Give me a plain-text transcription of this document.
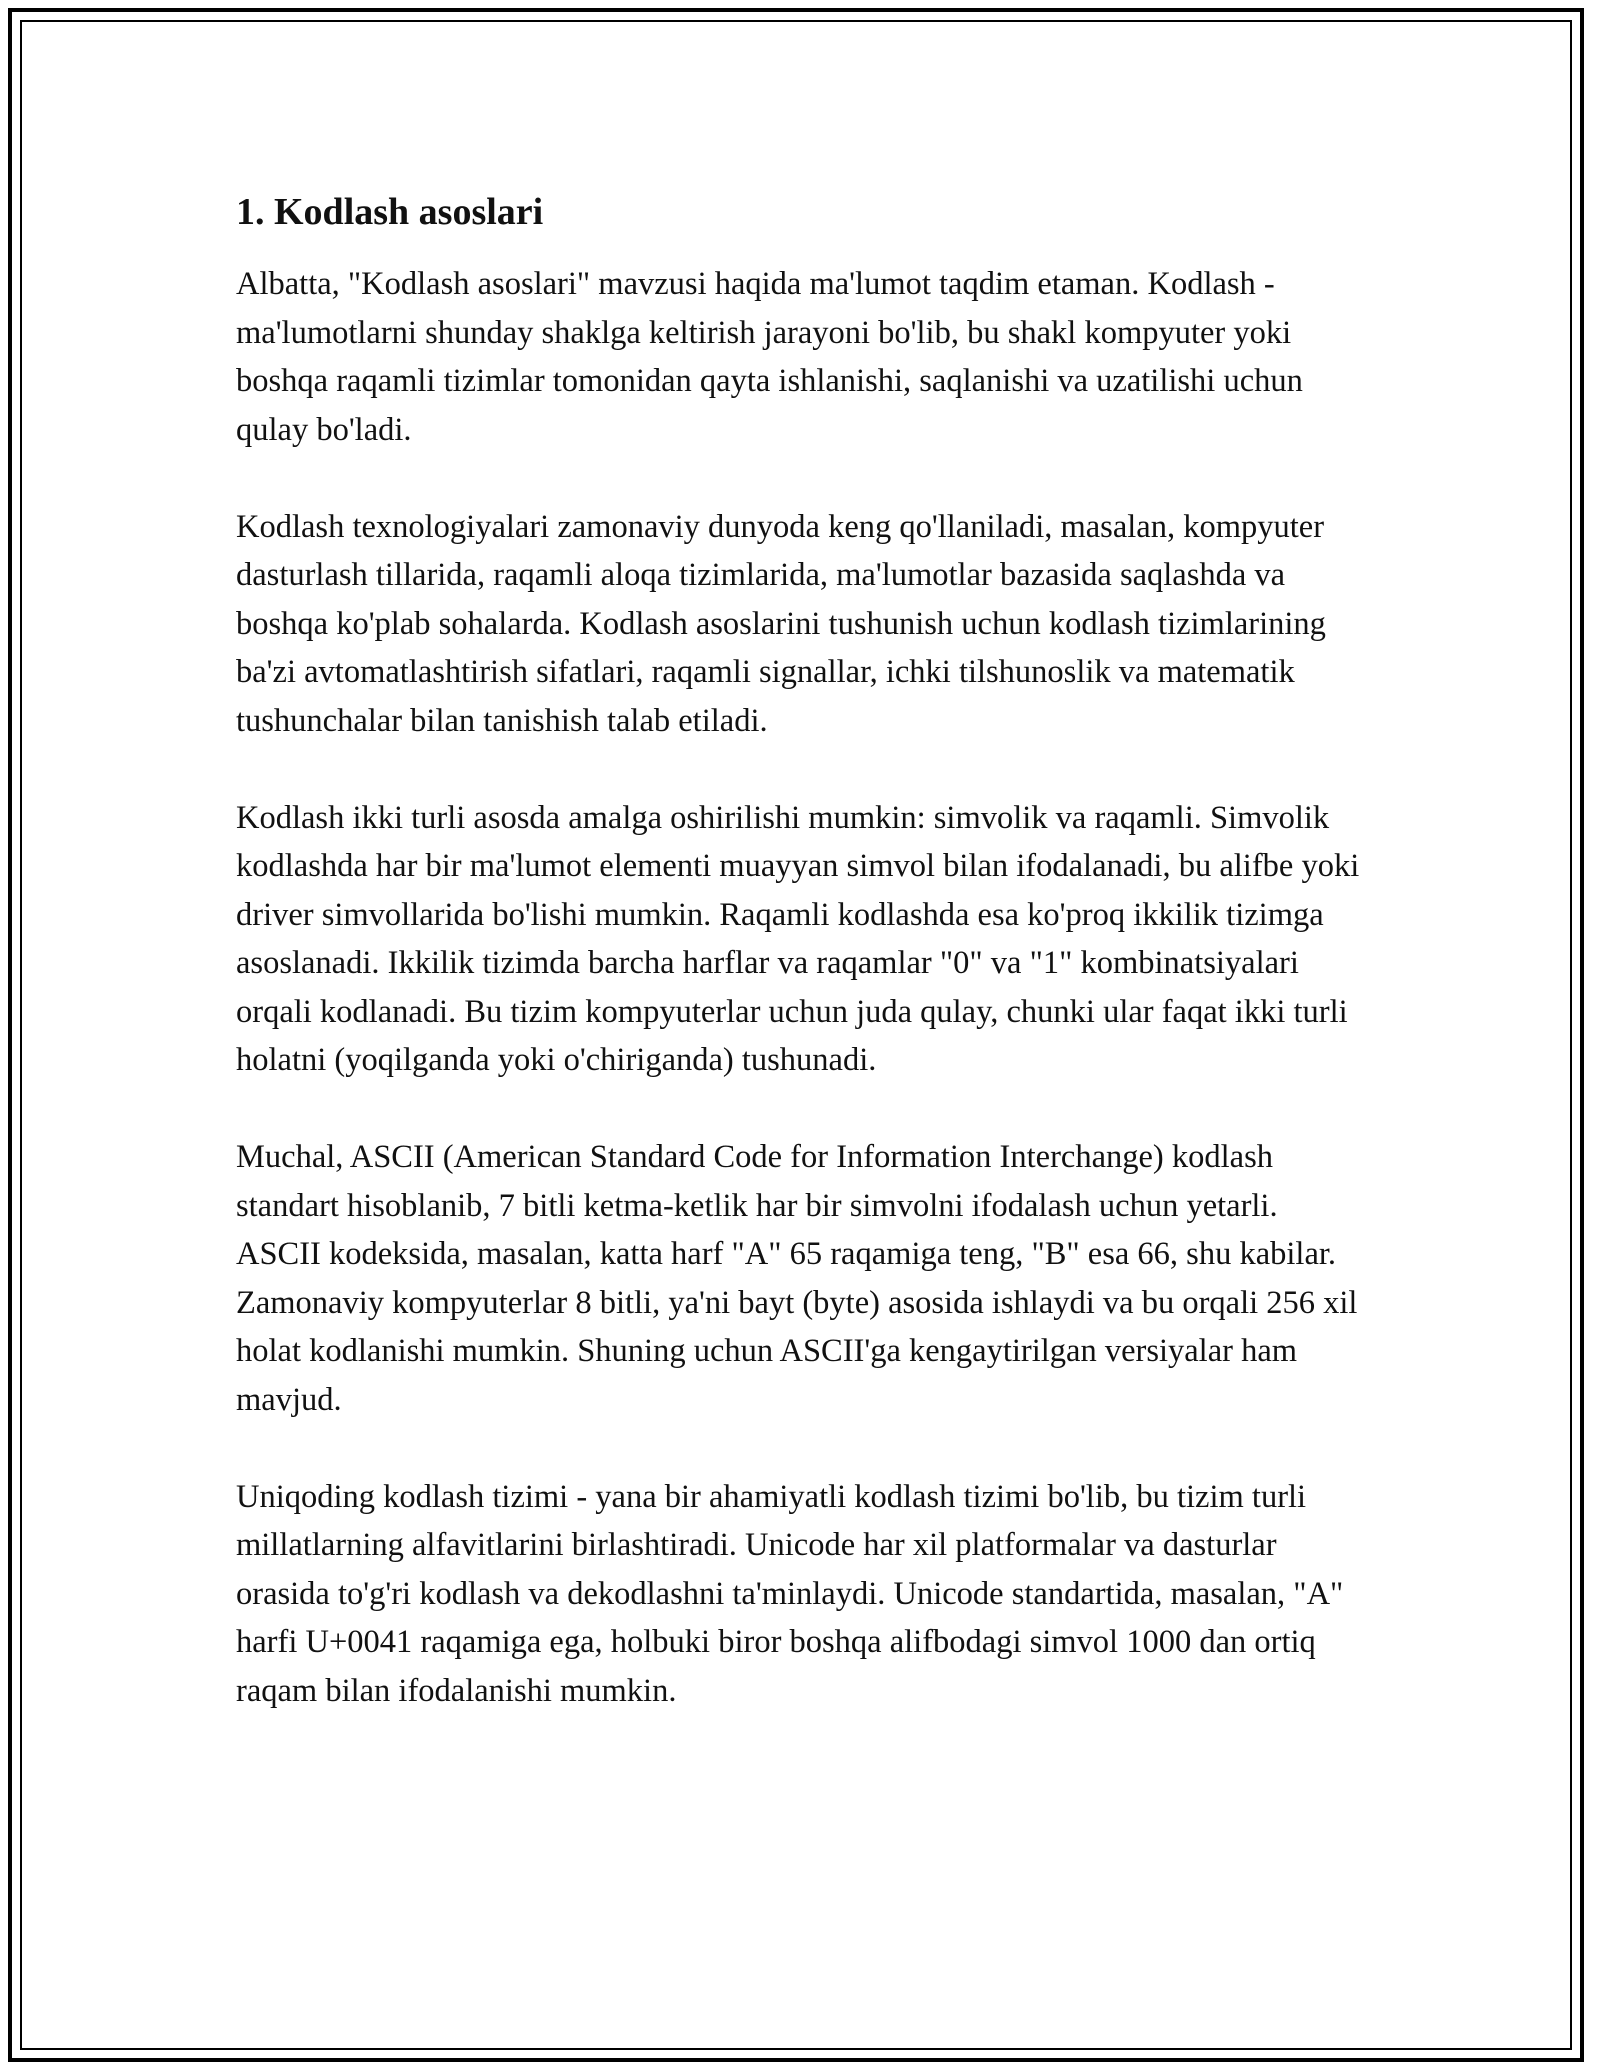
1. Kodlash asoslari

Albatta, "Kodlash asoslari" mavzusi haqida ma'lumot taqdim etaman. Kodlash - ma'lumotlarni shunday shaklga keltirish jarayoni bo'lib, bu shakl kompyuter yoki boshqa raqamli tizimlar tomonidan qayta ishlanishi, saqlanishi va uzatilishi uchun qulay bo'ladi.

Kodlash texnologiyalari zamonaviy dunyoda keng qo'llaniladi, masalan, kompyuter dasturlash tillarida, raqamli aloqa tizimlarida, ma'lumotlar bazasida saqlashda va boshqa ko'plab sohalarda. Kodlash asoslarini tushunish uchun kodlash tizimlarining ba'zi avtomatlashtirish sifatlari, raqamli signallar, ichki tilshunoslik va matematik tushunchalar bilan tanishish talab etiladi.

Kodlash ikki turli asosda amalga oshirilishi mumkin: simvolik va raqamli. Simvolik kodlashda har bir ma'lumot elementi muayyan simvol bilan ifodalanadi, bu alifbe yoki driver simvollarida bo'lishi mumkin. Raqamli kodlashda esa ko'proq ikkilik tizimga asoslanadi. Ikkilik tizimda barcha harflar va raqamlar "0" va "1" kombinatsiyalari orqali kodlanadi. Bu tizim kompyuterlar uchun juda qulay, chunki ular faqat ikki turli holatni (yoqilganda yoki o'chiriganda) tushunadi.

Muchal, ASCII (American Standard Code for Information Interchange) kodlash standart hisoblanib, 7 bitli ketma-ketlik har bir simvolni ifodalash uchun yetarli. ASCII kodeksida, masalan, katta harf "A" 65 raqamiga teng, "B" esa 66, shu kabilar. Zamonaviy kompyuterlar 8 bitli, ya'ni bayt (byte) asosida ishlaydi va bu orqali 256 xil holat kodlanishi mumkin. Shuning uchun ASCII'ga kengaytirilgan versiyalar ham mavjud.

Uniqoding kodlash tizimi - yana bir ahamiyatli kodlash tizimi bo'lib, bu tizim turli millatlarning alfavitlarini birlashtiradi. Unicode har xil platformalar va dasturlar orasida to'g'ri kodlash va dekodlashni ta'minlaydi. Unicode standartida, masalan, "A" harfi U+0041 raqamiga ega, holbuki biror boshqa alifbodagi simvol 1000 dan ortiq raqam bilan ifodalanishi mumkin.
